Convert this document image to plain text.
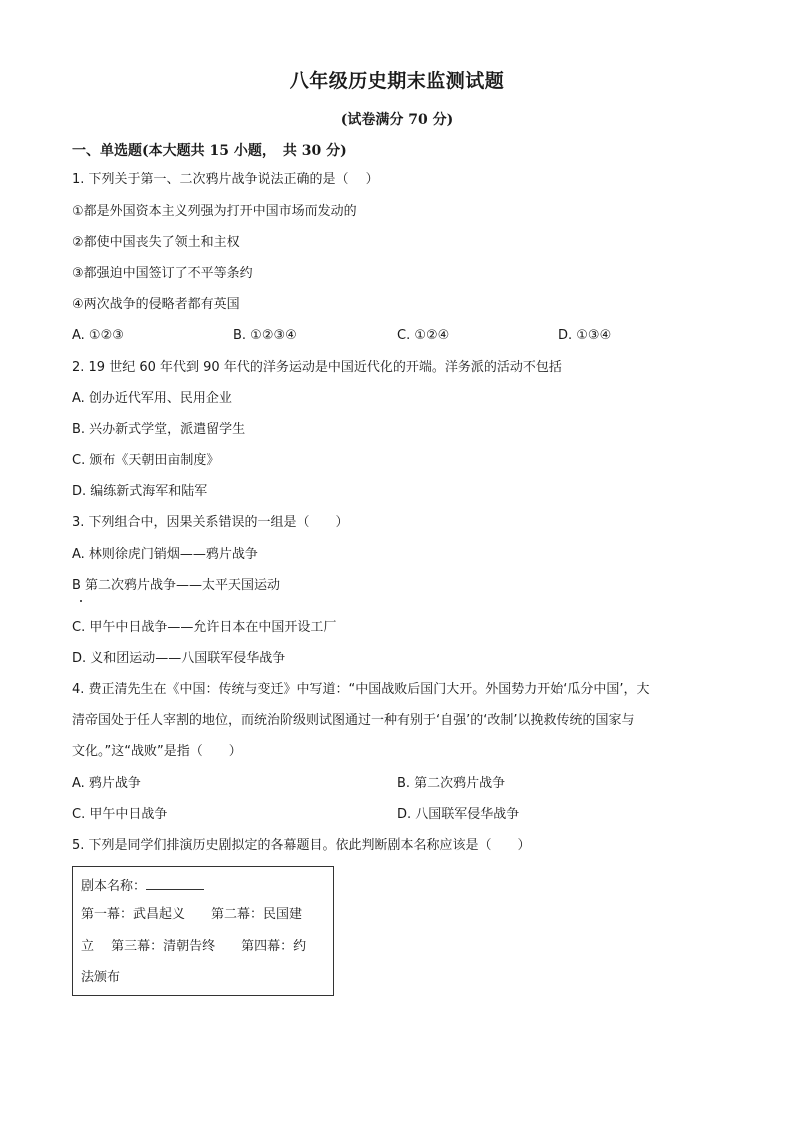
八年级历史期末监测试题
(试卷满分 70 分)
一、单选题(本大题共 15 小题，　共 30 分)
1. 下列关于第一、二次鸦片战争说法正确的是（　 ）
①都是外国资本主义列强为打开中国市场而发动的
②都使中国丧失了领土和主权
③都强迫中国签订了不平等条约
④两次战争的侵略者都有英国
A. ①②③	B. ①②③④	C. ①②④	D. ①③④
2. 19 世纪 60 年代到 90 年代的洋务运动是中国近代化的开端。洋务派的活动不包括
A. 创办近代军用、民用企业
B. 兴办新式学堂，派遣留学生
C. 颁布《天朝田亩制度》
D. 编练新式海军和陆军
3. 下列组合中，因果关系错误的一组是（　　）
A. 林则徐虎门销烟——鸦片战争
B 第二次鸦片战争——太平天国运动
C. 甲午中日战争——允许日本在中国开设工厂
D. 义和团运动——八国联军侵华战争
4. 费正清先生在《中国：传统与变迁》中写道：“中国战败后国门大开。外国势力开始‘瓜分中国’，大
清帝国处于任人宰割的地位，而统治阶级则试图通过一种有别于‘自强’的‘改制’以挽救传统的国家与
文化。”这“战败”是指（　　）
A. 鸦片战争	B. 第二次鸦片战争
C. 甲午中日战争	D. 八国联军侵华战争
5. 下列是同学们排演历史剧拟定的各幕题目。依此判断剧本名称应该是（　　）
剧本名称：
第一幕：武昌起义　　第二幕：民国建
立　 第三幕：清朝告终　　第四幕：约
法颁布
